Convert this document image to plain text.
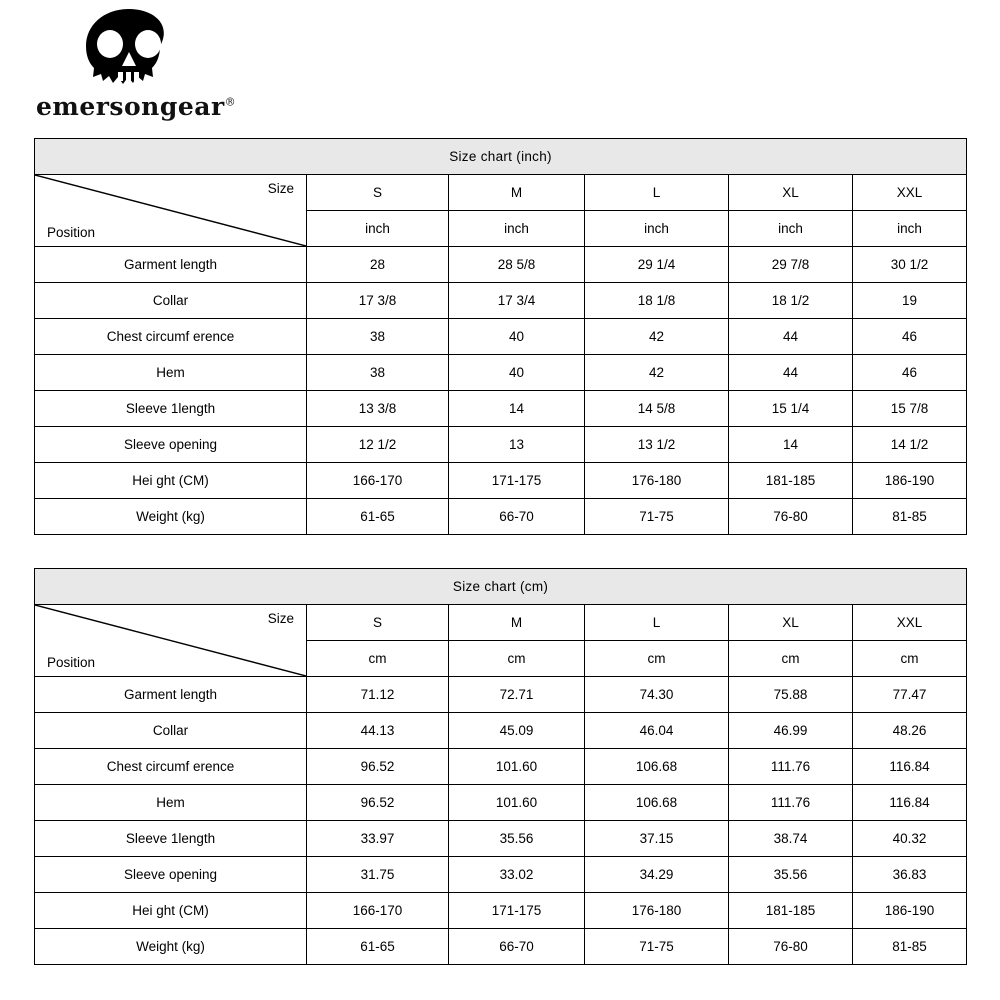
emersongear®
Size chart (inch)					

Size
Position	S	M	L	XL	XXL
	inch	inch	inch	inch	inch
Garment length	28	28 5/8	29 1/4	29 7/8	30 1/2
Collar	17 3/8	17 3/4	18 1/8	18 1/2	19
Chest circumf erence	38	40	42	44	46
Hem	38	40	42	44	46
Sleeve 1length	13 3/8	14	14 5/8	15 1/4	15 7/8
Sleeve opening	12 1/2	13	13 1/2	14	14 1/2
Hei ght (CM)	166-170	171-175	176-180	181-185	186-190
Weight (kg)	61-65	66-70	71-75	76-80	81-85
Size chart (cm)					

Size
Position	S	M	L	XL	XXL
	cm	cm	cm	cm	cm
Garment length	71.12	72.71	74.30	75.88	77.47
Collar	44.13	45.09	46.04	46.99	48.26
Chest circumf erence	96.52	101.60	106.68	111.76	116.84
Hem	96.52	101.60	106.68	111.76	116.84
Sleeve 1length	33.97	35.56	37.15	38.74	40.32
Sleeve opening	31.75	33.02	34.29	35.56	36.83
Hei ght (CM)	166-170	171-175	176-180	181-185	186-190
Weight (kg)	61-65	66-70	71-75	76-80	81-85
